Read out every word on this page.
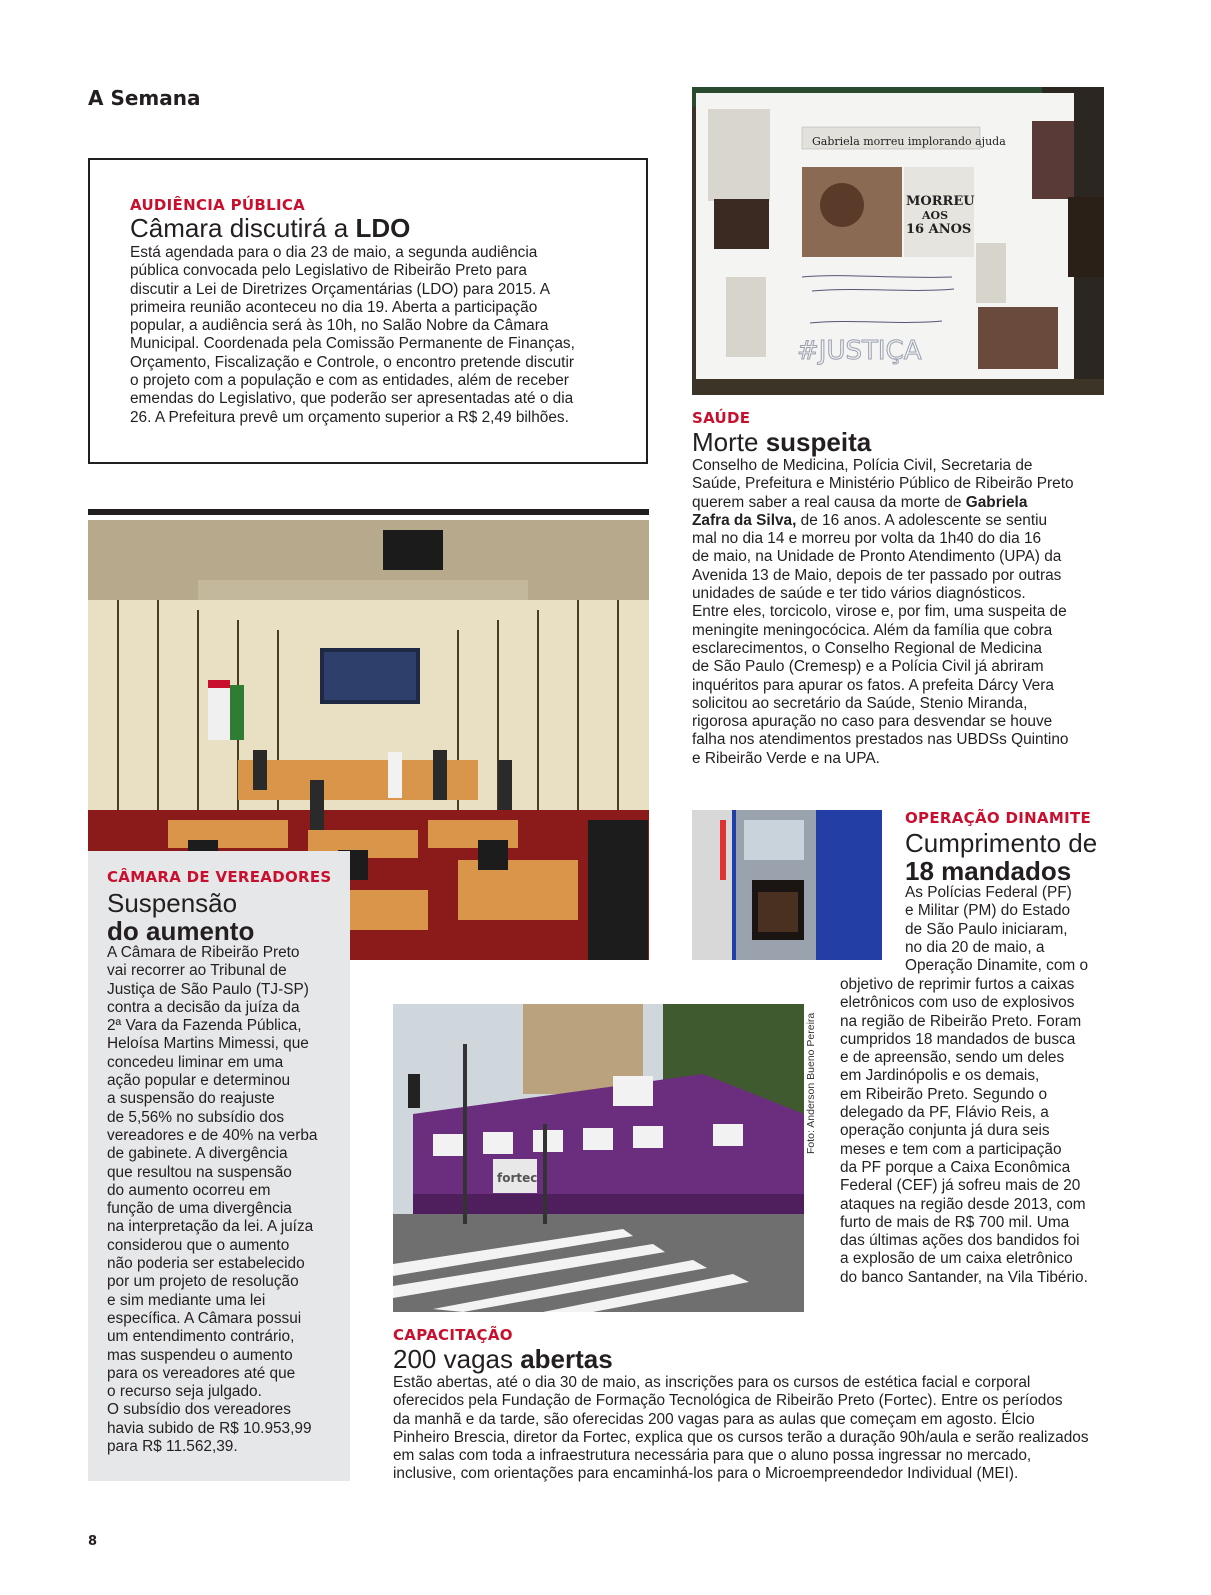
A Semana
AUDIÊNCIA PÚBLICA
Câmara discutirá a LDO
Está agendada para o dia 23 de maio, a segunda audiência
pública convocada pelo Legislativo de Ribeirão Preto para
discutir a Lei de Diretrizes Orçamentárias (LDO) para 2015. A
primeira reunião aconteceu no dia 19. Aberta a participação
popular, a audiência será às 10h, no Salão Nobre da Câmara
Municipal. Coordenada pela Comissão Permanente de Finanças,
Orçamento, Fiscalização e Controle, o encontro pretende discutir
o projeto com a população e com as entidades, além de receber
emendas do Legislativo, que poderão ser apresentadas até o dia
26. A Prefeitura prevê um orçamento superior a R$ 2,49 bilhões.
Gabriela morreu implorando ajuda
MORREU
AOS
16 ANOS
#JUSTIÇA
SAÚDE
Morte suspeita
Conselho de Medicina, Polícia Civil, Secretaria de
Saúde, Prefeitura e Ministério Público de Ribeirão Preto
querem saber a real causa da morte de Gabriela
Zafra da Silva, de 16 anos. A adolescente se sentiu
mal no dia 14 e morreu por volta da 1h40 do dia 16
de maio, na Unidade de Pronto Atendimento (UPA) da
Avenida 13 de Maio, depois de ter passado por outras
unidades de saúde e ter tido vários diagnósticos.
Entre eles, torcicolo, virose e, por fim, uma suspeita de
meningite meningocócica. Além da família que cobra
esclarecimentos, o Conselho Regional de Medicina
de São Paulo (Cremesp) e a Polícia Civil já abriram
inquéritos para apurar os fatos. A prefeita Dárcy Vera
solicitou ao secretário da Saúde, Stenio Miranda,
rigorosa apuração no caso para desvendar se houve
falha nos atendimentos prestados nas UBDSs Quintino
e Ribeirão Verde e na UPA.
CÂMARA DE VEREADORES
Suspensão
do aumento
A Câmara de Ribeirão Preto
vai recorrer ao Tribunal de
Justiça de São Paulo (TJ-SP)
contra a decisão da juíza da
2ª Vara da Fazenda Pública,
Heloísa Martins Mimessi, que
concedeu liminar em uma
ação popular e determinou
a suspensão do reajuste
de 5,56% no subsídio dos
vereadores e de 40% na verba
de gabinete. A divergência
que resultou na suspensão
do aumento ocorreu em
função de uma divergência
na interpretação da lei. A juíza
considerou que o aumento
não poderia ser estabelecido
por um projeto de resolução
e sim mediante uma lei
específica. A Câmara possui
um entendimento contrário,
mas suspendeu o aumento
para os vereadores até que
o recurso seja julgado.
O subsídio dos vereadores
havia subido de R$ 10.953,99
para R$ 11.562,39.
OPERAÇÃO DINAMITE
Cumprimento de
18 mandados
As Polícias Federal (PF)
e Militar (PM) do Estado
de São Paulo iniciaram,
no dia 20 de maio, a
Operação Dinamite, com o
objetivo de reprimir furtos a caixas
eletrônicos com uso de explosivos
na região de Ribeirão Preto. Foram
cumpridos 18 mandados de busca
e de apreensão, sendo um deles
em Jardinópolis e os demais,
em Ribeirão Preto. Segundo o
delegado da PF, Flávio Reis, a
operação conjunta já dura seis
meses e tem com a participação
da PF porque a Caixa Econômica
Federal (CEF) já sofreu mais de 20
ataques na região desde 2013, com
furto de mais de R$ 700 mil. Uma
das últimas ações dos bandidos foi
a explosão de um caixa eletrônico
do banco Santander, na Vila Tibério.
fortec
Foto: Anderson Bueno Pereira
CAPACITAÇÃO
200 vagas abertas
Estão abertas, até o dia 30 de maio, as inscrições para os cursos de estética facial e corporal
oferecidos pela Fundação de Formação Tecnológica de Ribeirão Preto (Fortec). Entre os períodos
da manhã e da tarde, são oferecidas 200 vagas para as aulas que começam em agosto. Élcio
Pinheiro Brescia, diretor da Fortec, explica que os cursos terão a duração 90h/aula e serão realizados
em salas com toda a infraestrutura necessária para que o aluno possa ingressar no mercado,
inclusive, com orientações para encaminhá-los para o Microempreendedor Individual (MEI).
8
